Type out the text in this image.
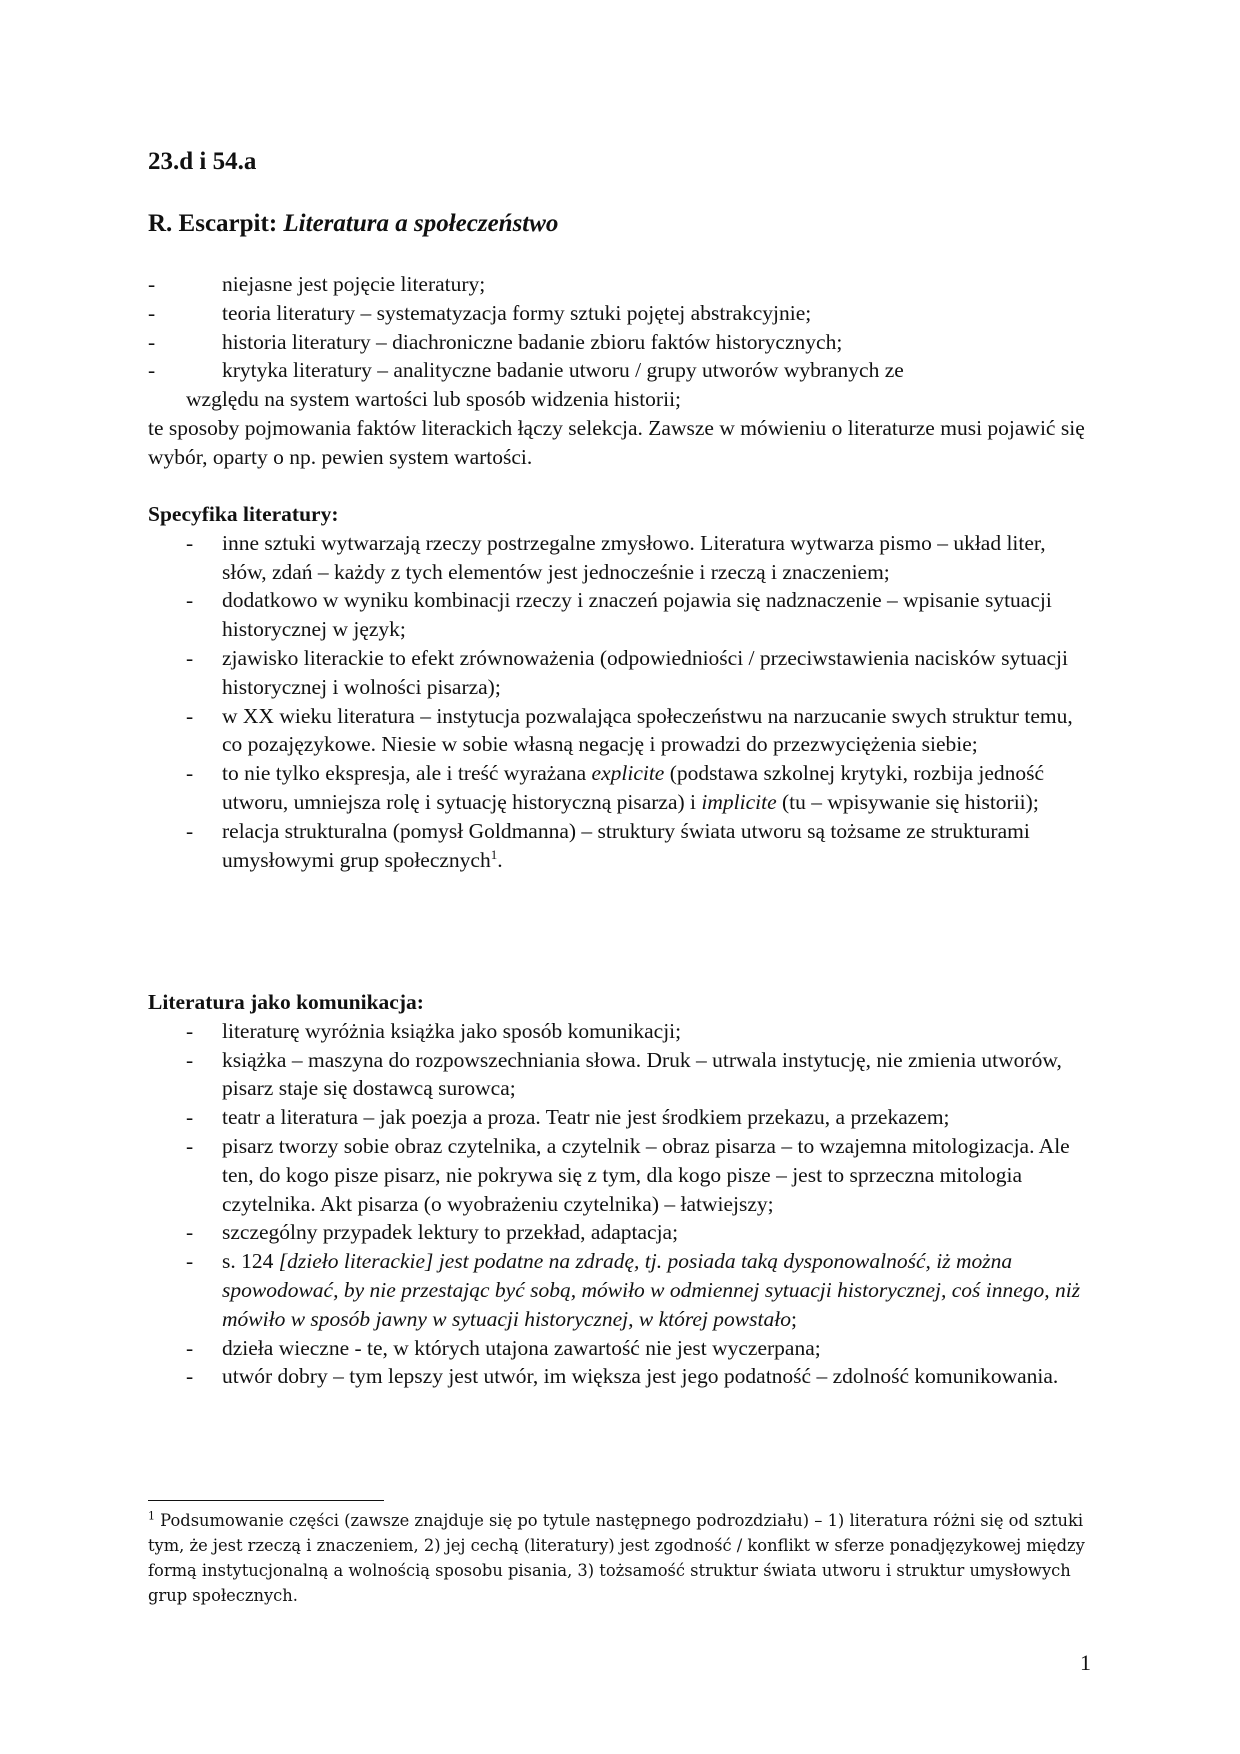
23.d i 54.a
R. Escarpit: Literatura a społeczeństwo
-	niejasne jest pojęcie literatury;
-	teoria literatury – systematyzacja formy sztuki pojętej abstrakcyjnie;
-	historia literatury – diachroniczne badanie zbioru faktów historycznych;
-	krytyka literatury – analityczne badanie utworu / grupy utworów wybranych ze
względu na system wartości lub sposób widzenia historii;

te sposoby pojmowania faktów literackich łączy selekcja. Zawsze w mówieniu o literaturze musi pojawić się wybór, oparty o np. pewien system wartości.

Specyfika literatury:

- inne sztuki wytwarzają rzeczy postrzegalne zmysłowo. Literatura wytwarza pismo – układ liter, słów, zdań – każdy z tych elementów jest jednocześnie i rzeczą i znaczeniem;
- dodatkowo w wyniku kombinacji rzeczy i znaczeń pojawia się nadznaczenie – wpisanie sytuacji historycznej w język;
- zjawisko literackie to efekt zrównoważenia (odpowiedniości / przeciwstawienia nacisków sytuacji historycznej i wolności pisarza);
- w XX wieku literatura – instytucja pozwalająca społeczeństwu na narzucanie swych struktur temu, co pozajęzykowe. Niesie w sobie własną negację i prowadzi do przezwyciężenia siebie;
- to nie tylko ekspresja, ale i treść wyrażana explicite (podstawa szkolnej krytyki, rozbija jedność utworu, umniejsza rolę i sytuację historyczną pisarza) i implicite (tu – wpisywanie się historii);
- relacja strukturalna (pomysł Goldmanna) – struktury świata utworu są tożsame ze strukturami umysłowymi grup społecznych$^1$.

Literatura jako komunikacja:

- literaturę wyróżnia książka jako sposób komunikacji;
- książka – maszyna do rozpowszechniania słowa. Druk – utrwala instytucję, nie zmienia utworów, pisarz staje się dostawcą surowca;
- teatr a literatura – jak poezja a proza. Teatr nie jest środkiem przekazu, a przekazem;
- pisarz tworzy sobie obraz czytelnika, a czytelnik – obraz pisarza – to wzajemna mitologizacja. Ale ten, do kogo pisze pisarz, nie pokrywa się z tym, dla kogo pisze – jest to sprzeczna mitologia czytelnika. Akt pisarza (o wyobrażeniu czytelnika) – łatwiejszy;
- szczególny przypadek lektury to przekład, adaptacja;
- s. 124 [dzieło literackie] jest podatne na zdradę, tj. posiada taką dysponowalność, iż można spowodować, by nie przestając być sobą, mówiło w odmiennej sytuacji historycznej, coś innego, niż mówiło w sposób jawny w sytuacji historycznej, w której powstało;
- dzieła wieczne - te, w których utajona zawartość nie jest wyczerpana;
- utwór dobry – tym lepszy jest utwór, im większa jest jego podatność – zdolność komunikowania.
$^1$ Podsumowanie części (zawsze znajduje się po tytule następnego podrozdziału) – 1) literatura różni się od sztuki tym, że jest rzeczą i znaczeniem, 2) jej cechą (literatury) jest zgodność / konflikt w sferze ponadjęzykowej między formą instytucjonalną a wolnością sposobu pisania, 3) tożsamość struktur świata utworu i struktur umysłowych grup społecznych.
1
